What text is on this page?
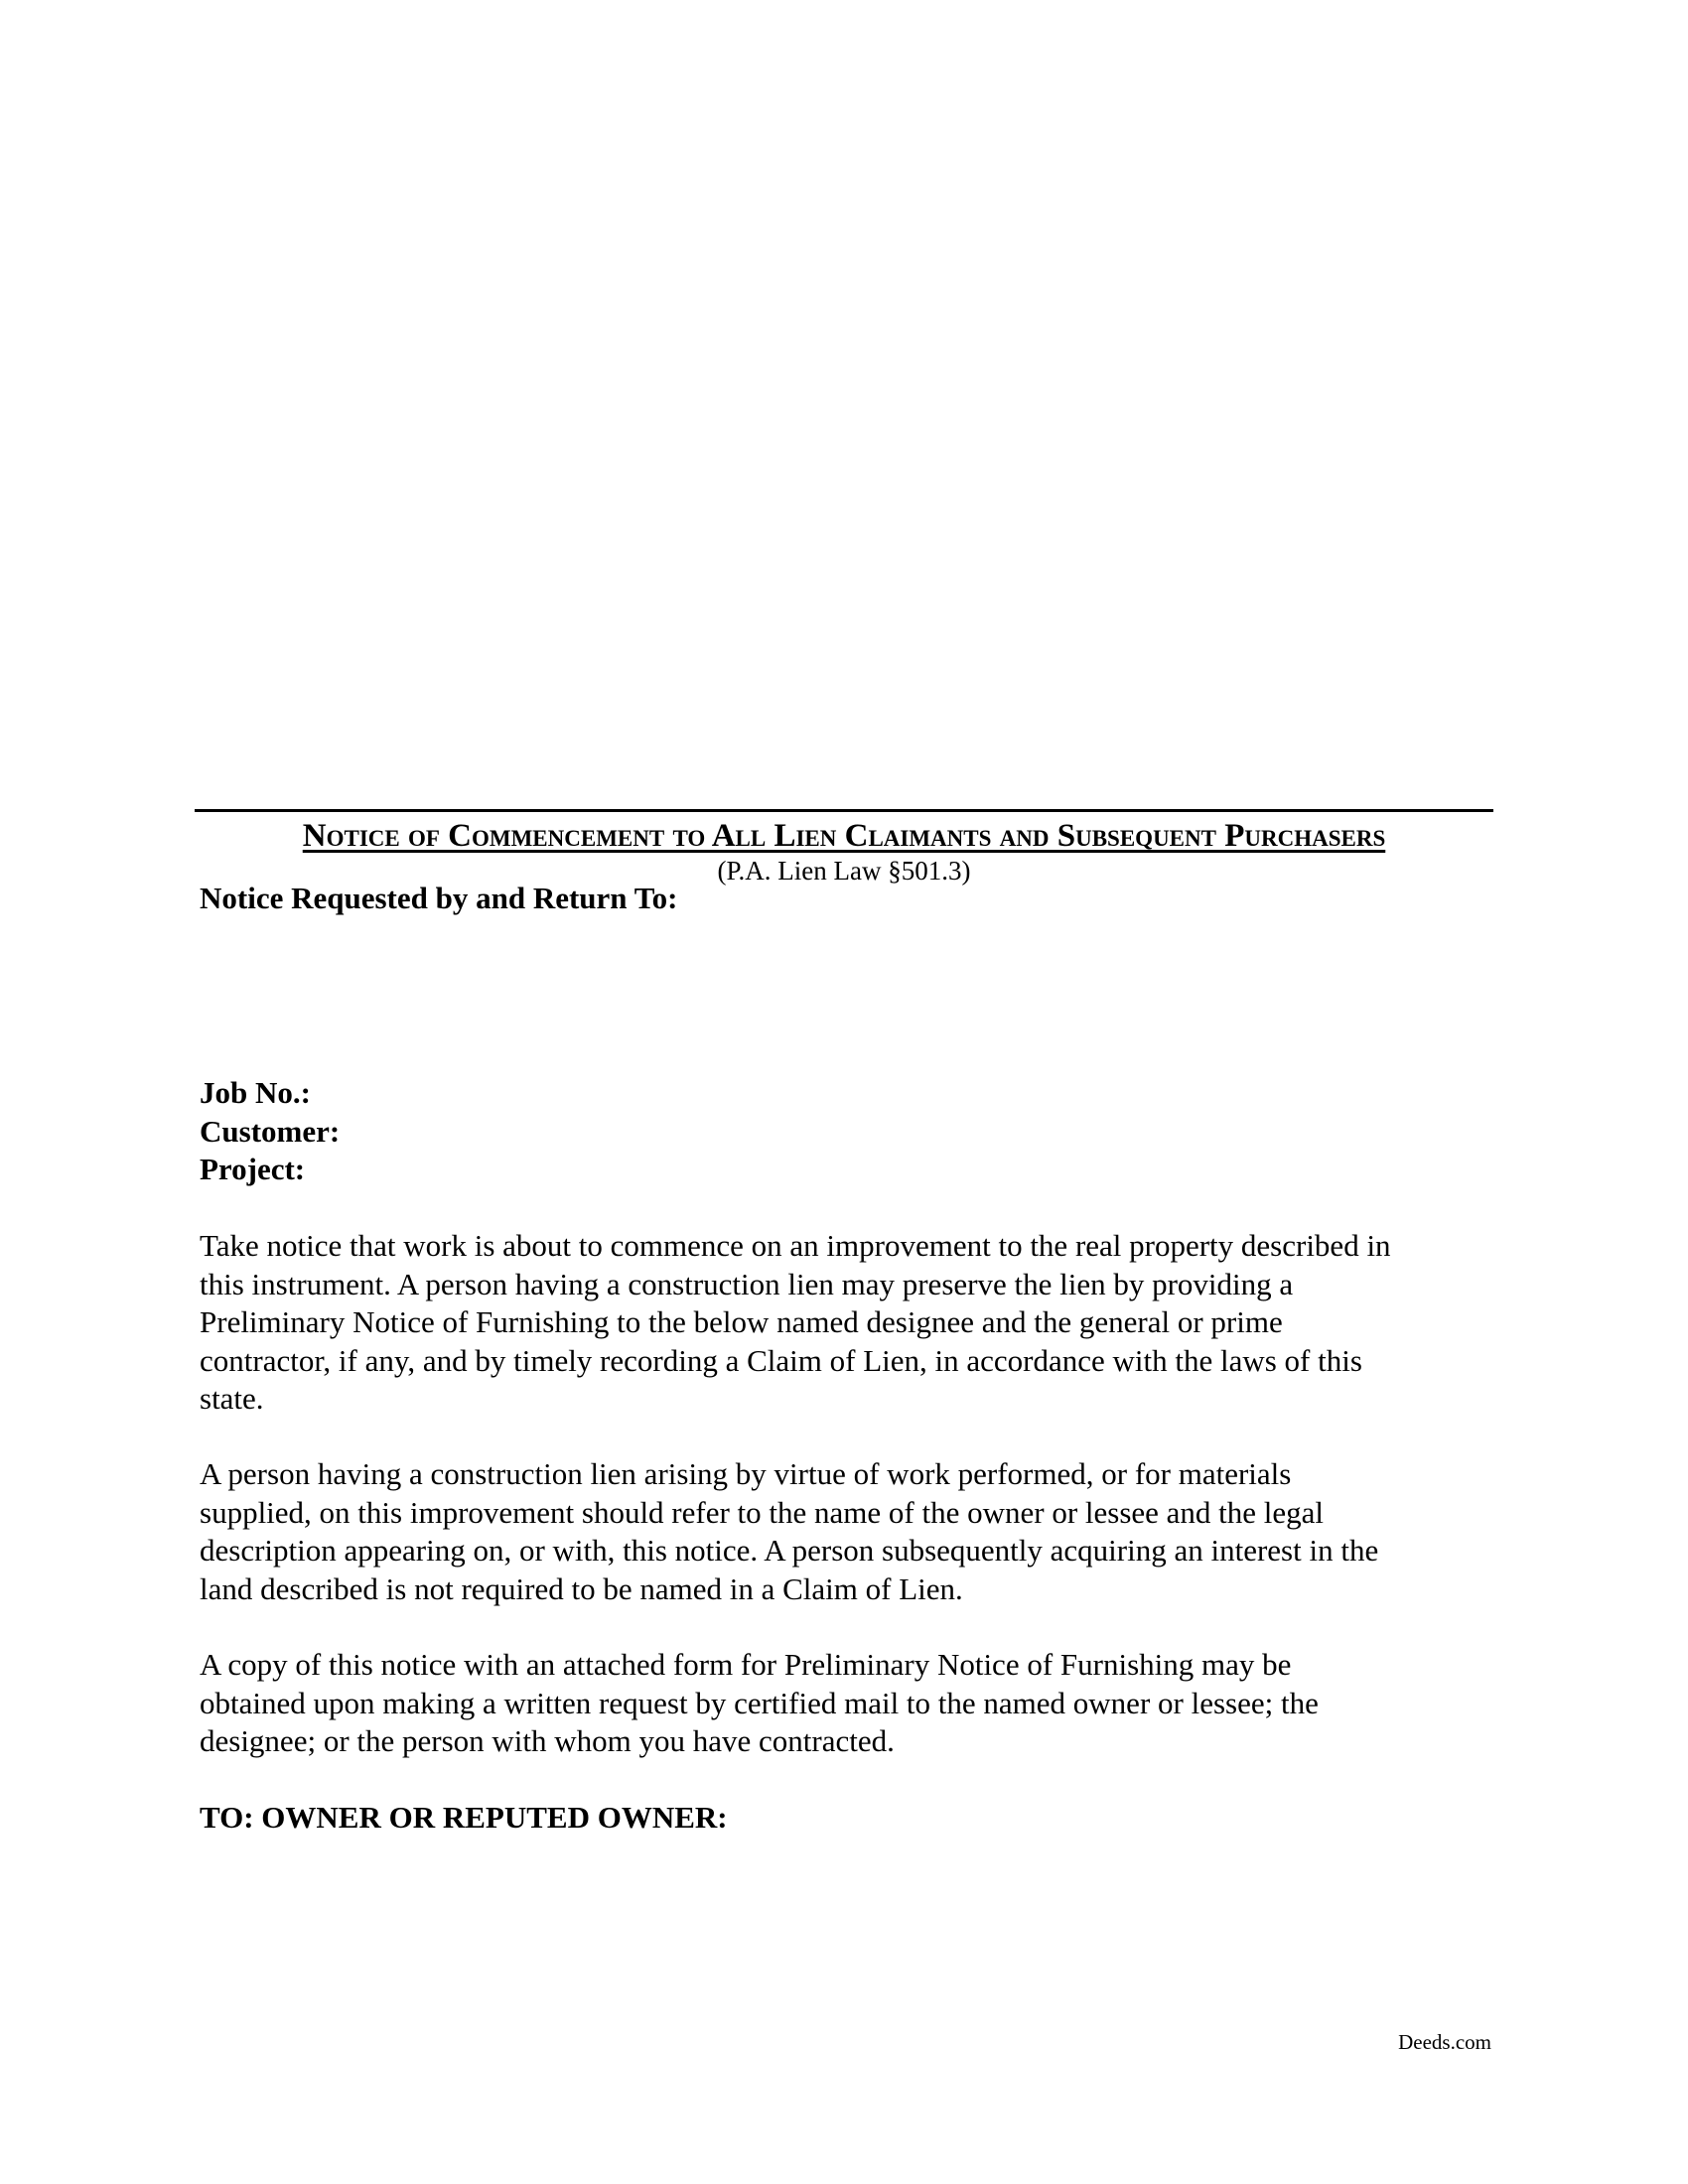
Notice of Commencement to All Lien Claimants and Subsequent Purchasers
(P.A. Lien Law §501.3)
Notice Requested by and Return To:
Job No.:
Customer:
Project:

Take notice that work is about to commence on an improvement to the real property described in
this instrument. A person having a construction lien may preserve the lien by providing a
Preliminary Notice of Furnishing to the below named designee and the general or prime
contractor, if any, and by timely recording a Claim of Lien, in accordance with the laws of this
state.

A person having a construction lien arising by virtue of work performed, or for materials
supplied, on this improvement should refer to the name of the owner or lessee and the legal
description appearing on, or with, this notice. A person subsequently acquiring an interest in the
land described is not required to be named in a Claim of Lien.

A copy of this notice with an attached form for Preliminary Notice of Furnishing may be
obtained upon making a written request by certified mail to the named owner or lessee; the
designee; or the person with whom you have contracted.

TO: OWNER OR REPUTED OWNER:
Deeds.com
